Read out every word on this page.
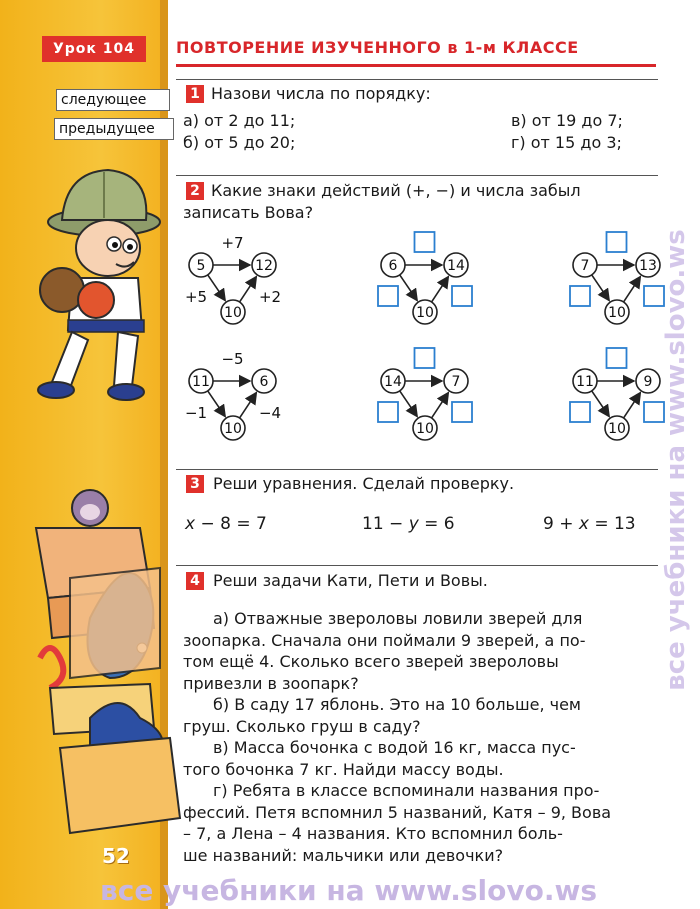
Урок 104	ПОВТОРЕНИЕ ИЗУЧЕННОГО в 1-м КЛАССЕ
следующее
предыдущее
1 Назови числа по порядку:
а) от 2 до 11;
б) от 5 до 20;
в) от 19 до 7;
г) от 15 до 3;
2 Какие знаки действий (+, −) и числа забыл
записать Вова?
5	12
10
+7
+5	+2
6	14
10
7	13
10
11	6
10
−5
−1	−4
14	7
10
11	9
10
3 Реши уравнения. Сделай проверку.
x − 8 = 7	11 − y = 6	9 + x = 13
4 Реши задачи Кати, Пети и Вовы.
а) Отважные звероловы ловили зверей для
зоопарка. Сначала они поймали 9 зверей, а по-
том ещё 4. Сколько всего зверей звероловы
привезли в зоопарк?
б) В саду 17 яблонь. Это на 10 больше, чем
груш. Сколько груш в саду?
в) Масса бочонка с водой 16 кг, масса пус-
того бочонка 7 кг. Найди массу воды.
г) Ребята в классе вспоминали названия про-
фессий. Петя вспомнил 5 названий, Катя – 9, Вова
– 7, а Лена – 4 названия. Кто вспомнил боль-
ше названий: мальчики или девочки?
52
все учебники на www.slovo.ws
все учебники на www.slovo.ws
